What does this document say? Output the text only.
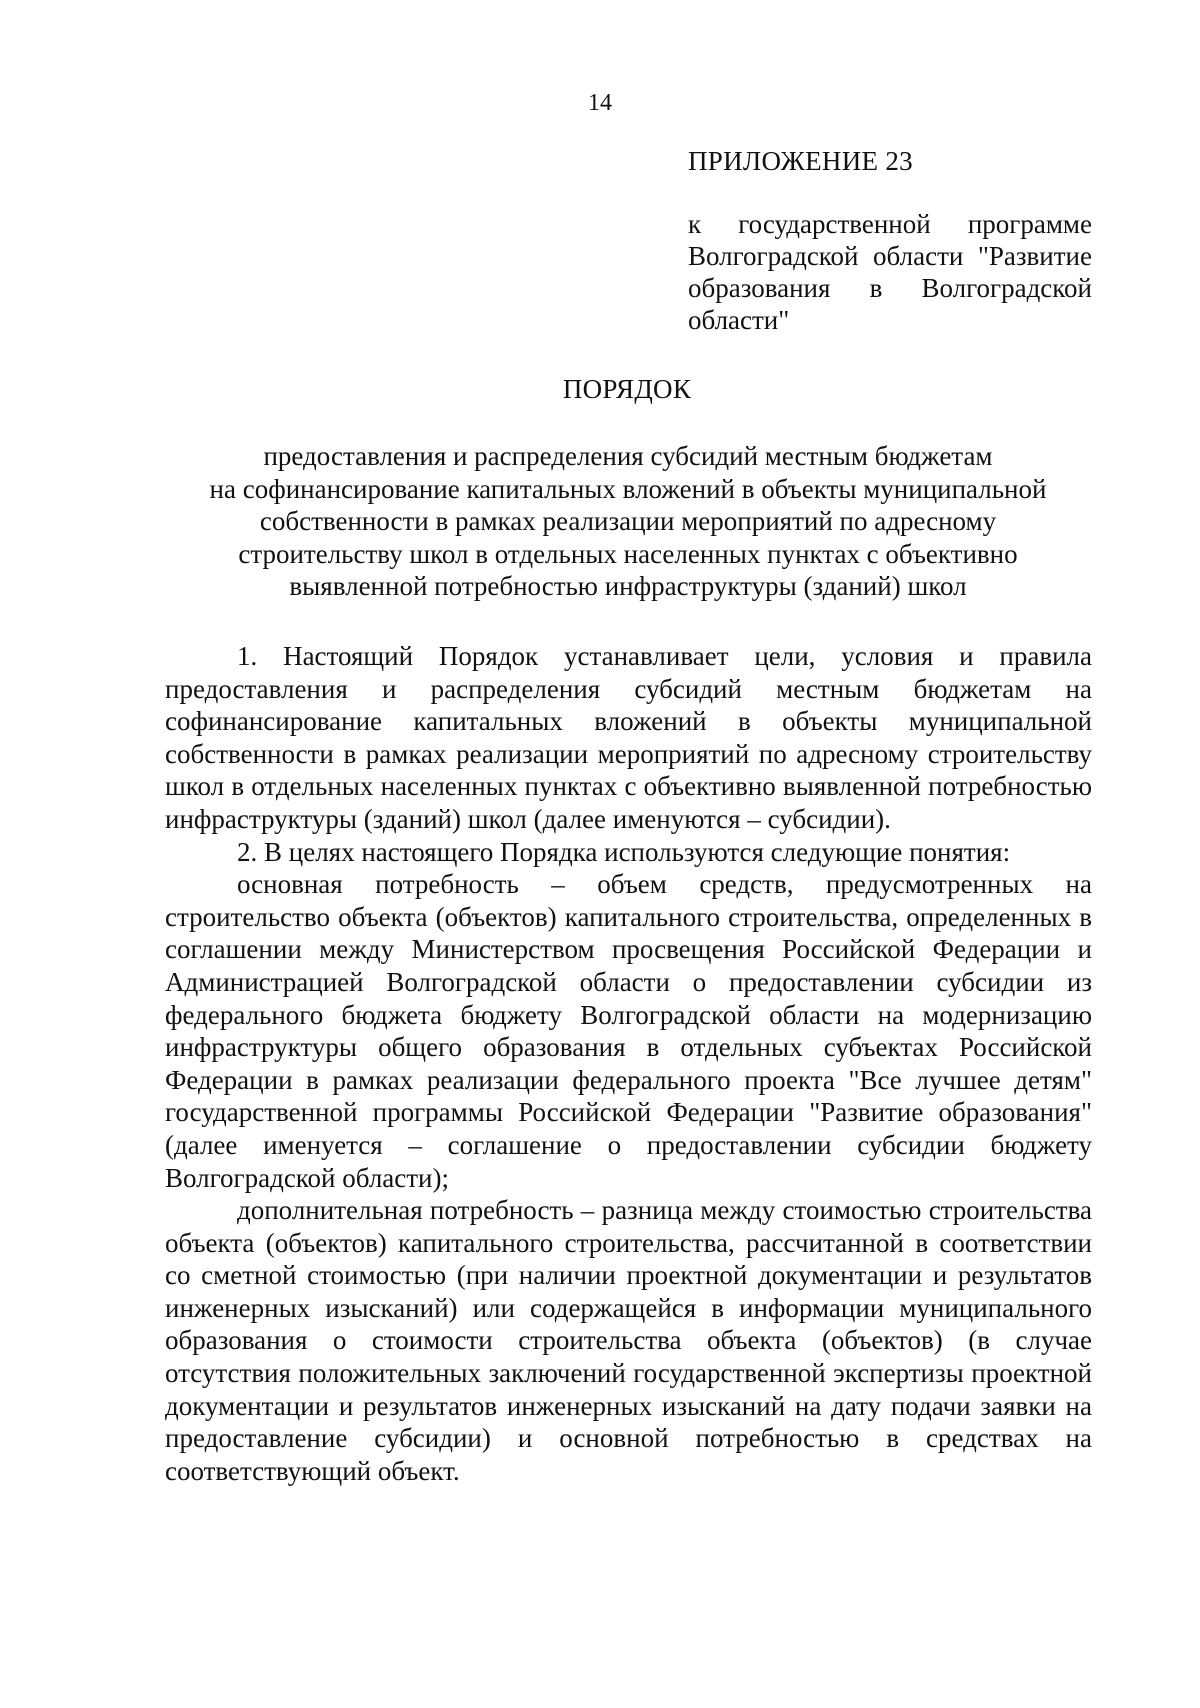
14
ПРИЛОЖЕНИЕ 23
к государственной программе Волгоградской области "Развитие образования в Волгоградской области"
ПОРЯДОК
предоставления и распределения субсидий местным бюджетам
на софинансирование капитальных вложений в объекты муниципальной
собственности в рамках реализации мероприятий по адресному
строительству школ в отдельных населенных пунктах с объективно
выявленной потребностью инфраструктуры (зданий) школ

1. Настоящий Порядок устанавливает цели, условия и правила предоставления и распределения субсидий местным бюджетам на софинансирование капитальных вложений в объекты муниципальной собственности в рамках реализации мероприятий по адресному строительству школ в отдельных населенных пунктах с объективно выявленной потребностью инфраструктуры (зданий) школ (далее именуются – субсидии).

2. В целях настоящего Порядка используются следующие понятия:

основная потребность – объем средств, предусмотренных на строительство объекта (объектов) капитального строительства, определенных в соглашении между Министерством просвещения Российской Федерации и Администрацией Волгоградской области о предоставлении субсидии из федерального бюджета бюджету Волгоградской области на модернизацию инфраструктуры общего образования в отдельных субъектах Российской Федерации в рамках реализации федерального проекта "Все лучшее детям" государственной программы Российской Федерации "Развитие образования" (далее именуется – соглашение о предоставлении субсидии бюджету Волгоградской области);

дополнительная потребность – разница между стоимостью строительства объекта (объектов) капитального строительства, рассчитанной в соответствии со сметной стоимостью (при наличии проектной документации и результатов инженерных изысканий) или содержащейся в информации муниципального образования о стоимости строительства объекта (объектов) (в случае отсутствия положительных заключений государственной экспертизы проектной документации и результатов инженерных изысканий на дату подачи заявки на предоставление субсидии) и основной потребностью в средствах на соответствующий объект.
